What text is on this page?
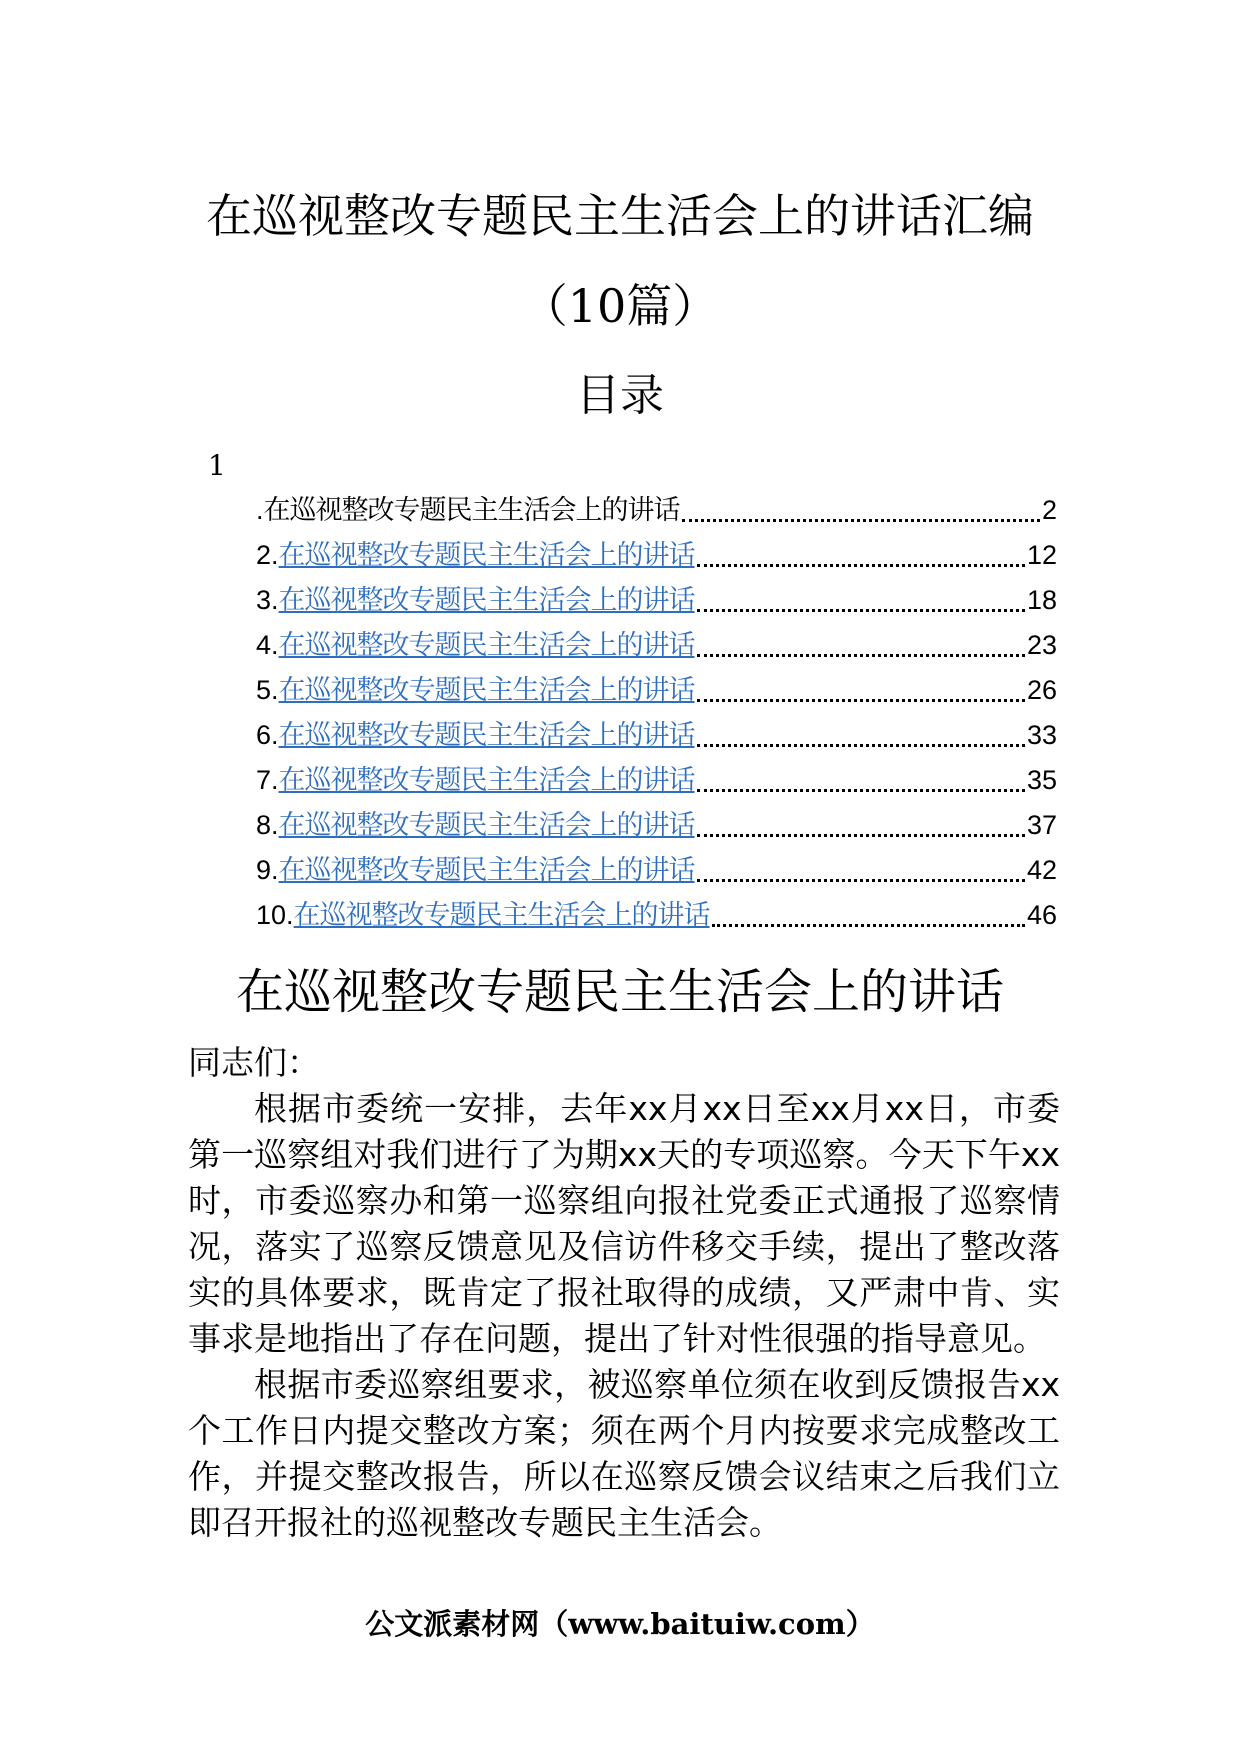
在巡视整改专题民主生活会上的讲话汇编
（10篇）
目录
1
. 在巡视整改专题民主生活会上的讲话	2
2. 在巡视整改专题民主生活会上的讲话	12
3. 在巡视整改专题民主生活会上的讲话	18
4. 在巡视整改专题民主生活会上的讲话	23
5. 在巡视整改专题民主生活会上的讲话	26
6. 在巡视整改专题民主生活会上的讲话	33
7. 在巡视整改专题民主生活会上的讲话	35
8. 在巡视整改专题民主生活会上的讲话	37
9. 在巡视整改专题民主生活会上的讲话	42
10. 在巡视整改专题民主生活会上的讲话	46
在巡视整改专题民主生活会上的讲话

同志们：

根据市委统一安排，去年xx月xx日至xx月xx日，市委第一巡察组对我们进行了为期xx天的专项巡察。今天下午xx时，市委巡察办和第一巡察组向报社党委正式通报了巡察情况，落实了巡察反馈意见及信访件移交手续，提出了整改落实的具体要求，既肯定了报社取得的成绩，又严肃中肯、实事求是地指出了存在问题，提出了针对性很强的指导意见。

根据市委巡察组要求，被巡察单位须在收到反馈报告xx个工作日内提交整改方案；须在两个月内按要求完成整改工作，并提交整改报告，所以在巡察反馈会议结束之后我们立即召开报社的巡视整改专题民主生活会。

公文派素材网（www.baituiw.com）
